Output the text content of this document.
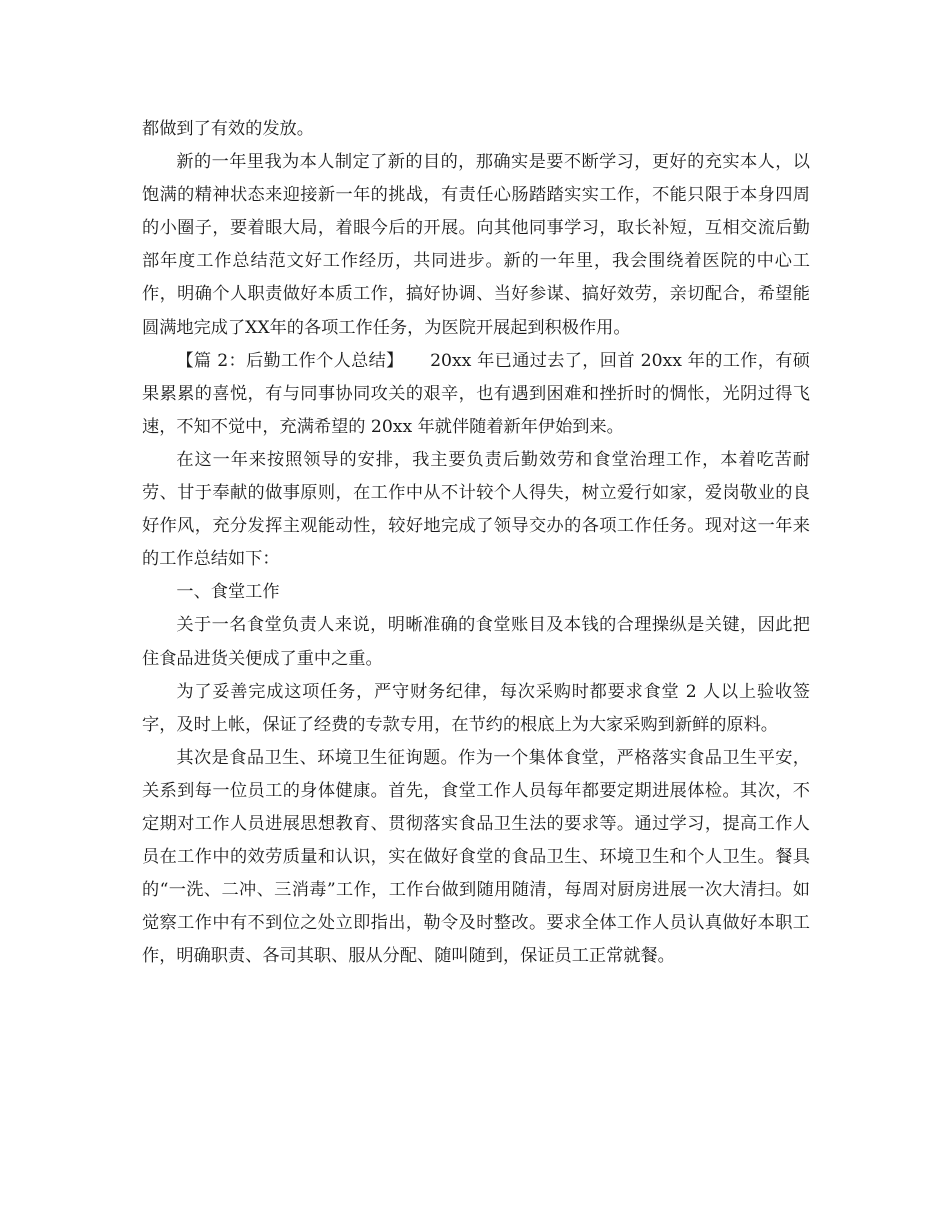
都做到了有效的发放。

新的一年里我为本人制定了新的目的，那确实是要不断学习，更好的充实本人，以饱满的精神状态来迎接新一年的挑战，有责任心肠踏踏实实工作，不能只限于本身四周的小圈子，要着眼大局，着眼今后的开展。向其他同事学习，取长补短，互相交流后勤部年度工作总结范文好工作经历，共同进步。新的一年里，我会围绕着医院的中心工作，明确个人职责做好本质工作，搞好协调、当好参谋、搞好效劳，亲切配合，希望能圆满地完成了XX年的各项工作任务，为医院开展起到积极作用。

【篇 2：后勤工作个人总结】　　20xx 年已通过去了，回首 20xx 年的工作，有硕果累累的喜悦，有与同事协同攻关的艰辛，也有遇到困难和挫折时的惆怅，光阴过得飞速，不知不觉中，充满希望的 20xx 年就伴随着新年伊始到来。

在这一年来按照领导的安排，我主要负责后勤效劳和食堂治理工作，本着吃苦耐劳、甘于奉献的做事原则，在工作中从不计较个人得失，树立爱行如家，爱岗敬业的良好作风，充分发挥主观能动性，较好地完成了领导交办的各项工作任务。现对这一年来的工作总结如下：

一、食堂工作

关于一名食堂负责人来说，明晰准确的食堂账目及本钱的合理操纵是关键，因此把住食品进货关便成了重中之重。

为了妥善完成这项任务，严守财务纪律，每次采购时都要求食堂 2 人以上验收签字，及时上帐，保证了经费的专款专用，在节约的根底上为大家采购到新鲜的原料。

其次是食品卫生、环境卫生征询题。作为一个集体食堂，严格落实食品卫生平安，关系到每一位员工的身体健康。首先，食堂工作人员每年都要定期进展体检。其次，不定期对工作人员进展思想教育、贯彻落实食品卫生法的要求等。通过学习，提高工作人员在工作中的效劳质量和认识，实在做好食堂的食品卫生、环境卫生和个人卫生。餐具的“一洗、二冲、三消毒”工作，工作台做到随用随清，每周对厨房进展一次大清扫。如觉察工作中有不到位之处立即指出，勒令及时整改。要求全体工作人员认真做好本职工作，明确职责、各司其职、服从分配、随叫随到，保证员工正常就餐。
